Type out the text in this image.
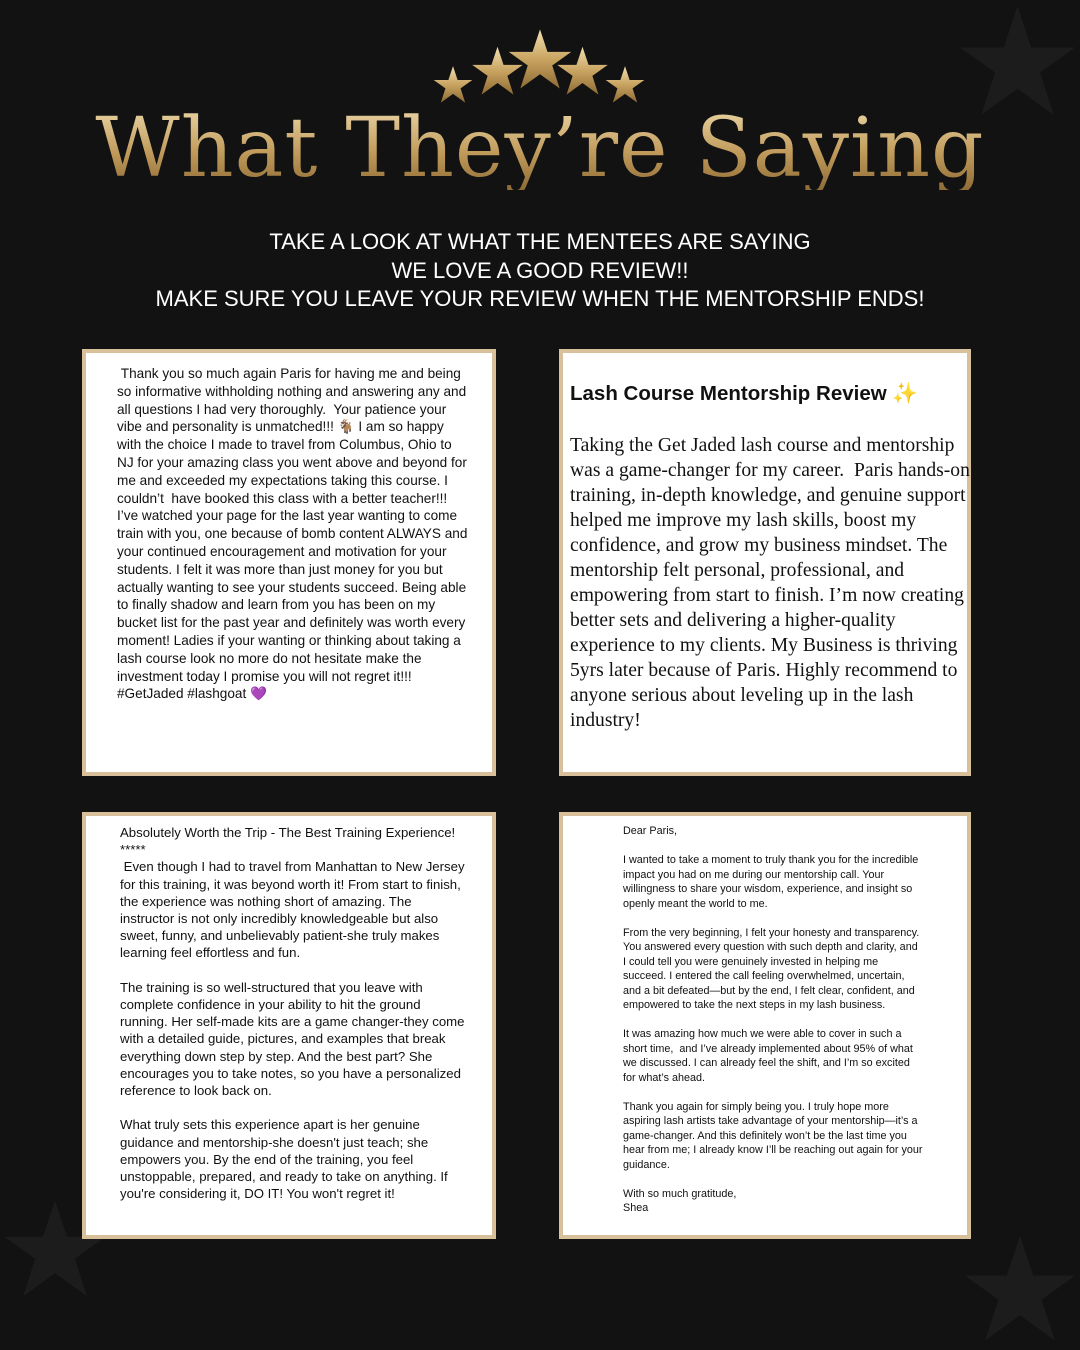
What They’re Saying
TAKE A LOOK AT WHAT THE MENTEES ARE SAYING
WE LOVE A GOOD REVIEW!!
MAKE SURE YOU LEAVE YOUR REVIEW WHEN THE MENTORSHIP ENDS!
Thank you so much again Paris for having me and being so informative withholding nothing and answering any and all questions I had very thoroughly.  Your patience your vibe and personality is unmatched!!! 🐐 I am so happy with the choice I made to travel from Columbus, Ohio to NJ for your amazing class you went above and beyond for me and exceeded my expectations taking this course. I couldn’t  have booked this class with a better teacher!!! I’ve watched your page for the last year wanting to come train with you, one because of bomb content ALWAYS and your continued encouragement and motivation for your students. I felt it was more than just money for you but actually wanting to see your students succeed. Being able to finally shadow and learn from you has been on my bucket list for the past year and definitely was worth every moment! Ladies if your wanting or thinking about taking a lash course look no more do not hesitate make the investment today I promise you will not regret it!!! #GetJaded #lashgoat 💜
Lash Course Mentorship Review ✨
Taking the Get Jaded lash course and mentorship was a game-changer for my career.  Paris hands-on training, in-depth knowledge, and genuine support helped me improve my lash skills, boost my confidence, and grow my business mindset. The mentorship felt personal, professional, and empowering from start to finish. I’m now creating better sets and delivering a higher-quality experience to my clients. My Business is thriving 5yrs later because of Paris. Highly recommend to anyone serious about leveling up in the lash industry!
Absolutely Worth the Trip - The Best Training Experience! *****
Even though I had to travel from Manhattan to New Jersey for this training, it was beyond worth it! From start to finish, the experience was nothing short of amazing. The instructor is not only incredibly knowledgeable but also sweet, funny, and unbelievably patient-she truly makes learning feel effortless and fun.

The training is so well-structured that you leave with complete confidence in your ability to hit the ground running. Her self-made kits are a game changer-they come with a detailed guide, pictures, and examples that break everything down step by step. And the best part? She encourages you to take notes, so you have a personalized reference to look back on.

What truly sets this experience apart is her genuine guidance and mentorship-she doesn't just teach; she empowers you. By the end of the training, you feel unstoppable, prepared, and ready to take on anything. If you're considering it, DO IT! You won't regret it!
Dear Paris,

I wanted to take a moment to truly thank you for the incredible impact you had on me during our mentorship call. Your willingness to share your wisdom, experience, and insight so openly meant the world to me.

From the very beginning, I felt your honesty and transparency. You answered every question with such depth and clarity, and I could tell you were genuinely invested in helping me succeed. I entered the call feeling overwhelmed, uncertain, and a bit defeated—but by the end, I felt clear, confident, and empowered to take the next steps in my lash business.

It was amazing how much we were able to cover in such a short time,  and I’ve already implemented about 95% of what we discussed. I can already feel the shift, and I’m so excited for what’s ahead.

Thank you again for simply being you. I truly hope more aspiring lash artists take advantage of your mentorship—it’s a game-changer. And this definitely won’t be the last time you hear from me; I already know I’ll be reaching out again for your guidance.

With so much gratitude,
Shea
